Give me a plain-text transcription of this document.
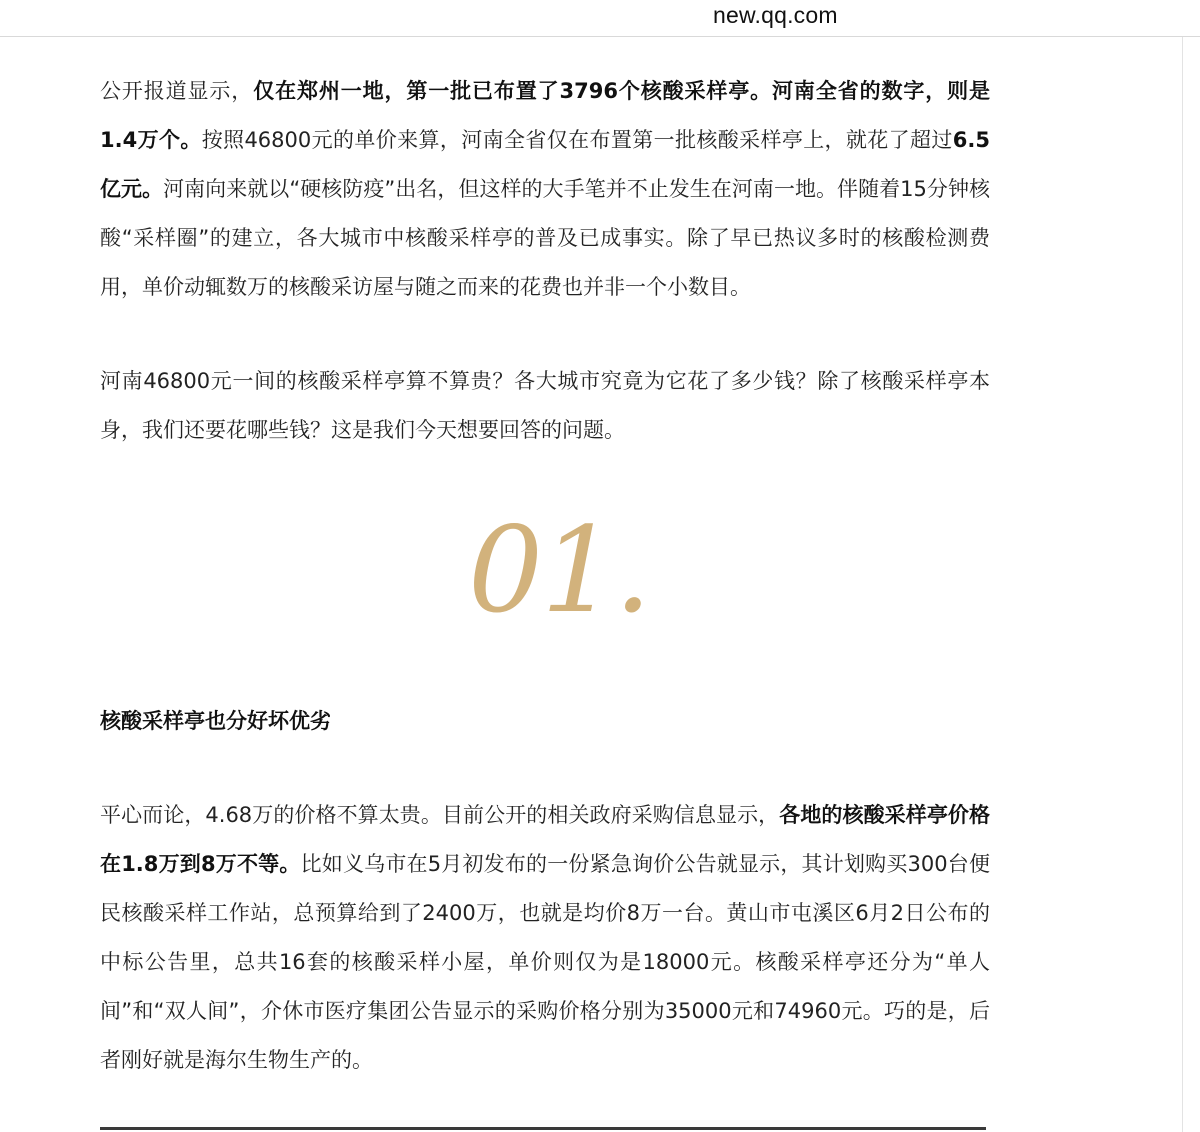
new.qq.com

公开报道显示，仅在郑州一地，第一批已布置了3796个核酸采样亭。河南全省的数字，则是1.4万个。按照46800元的单价来算，河南全省仅在布置第一批核酸采样亭上，就花了超过6.5亿元。河南向来就以“硬核防疫”出名，但这样的大手笔并不止发生在河南一地。伴随着15分钟核酸“采样圈”的建立，各大城市中核酸采样亭的普及已成事实。除了早已热议多时的核酸检测费用，单价动辄数万的核酸采访屋与随之而来的花费也并非一个小数目。

河南46800元一间的核酸采样亭算不算贵？各大城市究竟为它花了多少钱？除了核酸采样亭本身，我们还要花哪些钱？这是我们今天想要回答的问题。

01.
核酸采样亭也分好坏优劣

平心而论，4.68万的价格不算太贵。目前公开的相关政府采购信息显示，各地的核酸采样亭价格在1.8万到8万不等。比如义乌市在5月初发布的一份紧急询价公告就显示，其计划购买300台便民核酸采样工作站，总预算给到了2400万，也就是均价8万一台。黄山市屯溪区6月2日公布的中标公告里，总共16套的核酸采样小屋，单价则仅为是18000元。核酸采样亭还分为“单人间”和“双人间”，介休市医疗集团公告显示的采购价格分别为35000元和74960元。巧的是，后者刚好就是海尔生物生产的。
